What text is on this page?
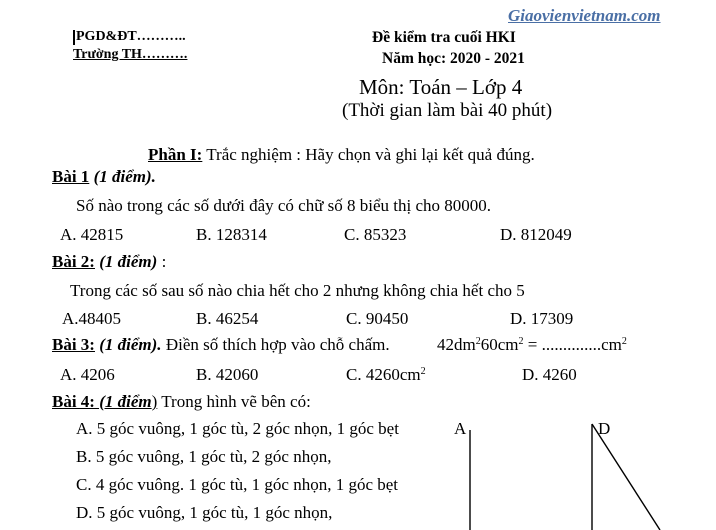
Giaovienvietnam.com
PGD&ĐT………..
Trường TH……….
Đề kiểm tra cuối HKI
Năm học: 2020 - 2021
Môn: Toán – Lớp 4
(Thời gian làm bài 40 phút)
Phần I: Trắc nghiệm : Hãy chọn và ghi lại kết quả đúng.
Bài 1 (1 điểm).
Số nào trong các số dưới đây có chữ số 8 biểu thị cho 80000.
A. 42815	B. 128314	C. 85323	D. 812049
Bài 2: (1 điểm) :
Trong các số sau số nào chia hết cho 2 nhưng không chia hết cho 5
A.48405	B. 46254	C. 90450	D. 17309
Bài 3: (1 điểm). Điền số thích hợp vào chỗ chấm.	$42dm^260cm^2 = ..............cm^2$
A. 4206	B. 42060	C. $4260cm^2$	D. 4260
Bài 4: (1 điểm) Trong hình vẽ bên có:
A. 5 góc vuông, 1 góc tù, 2 góc nhọn, 1 góc bẹt
B. 5 góc vuông, 1 góc tù, 2 góc nhọn,
C. 4 góc vuông. 1 góc tù, 1 góc nhọn, 1 góc bẹt
D. 5 góc vuông, 1 góc tù, 1 góc nhọn,
A	D
